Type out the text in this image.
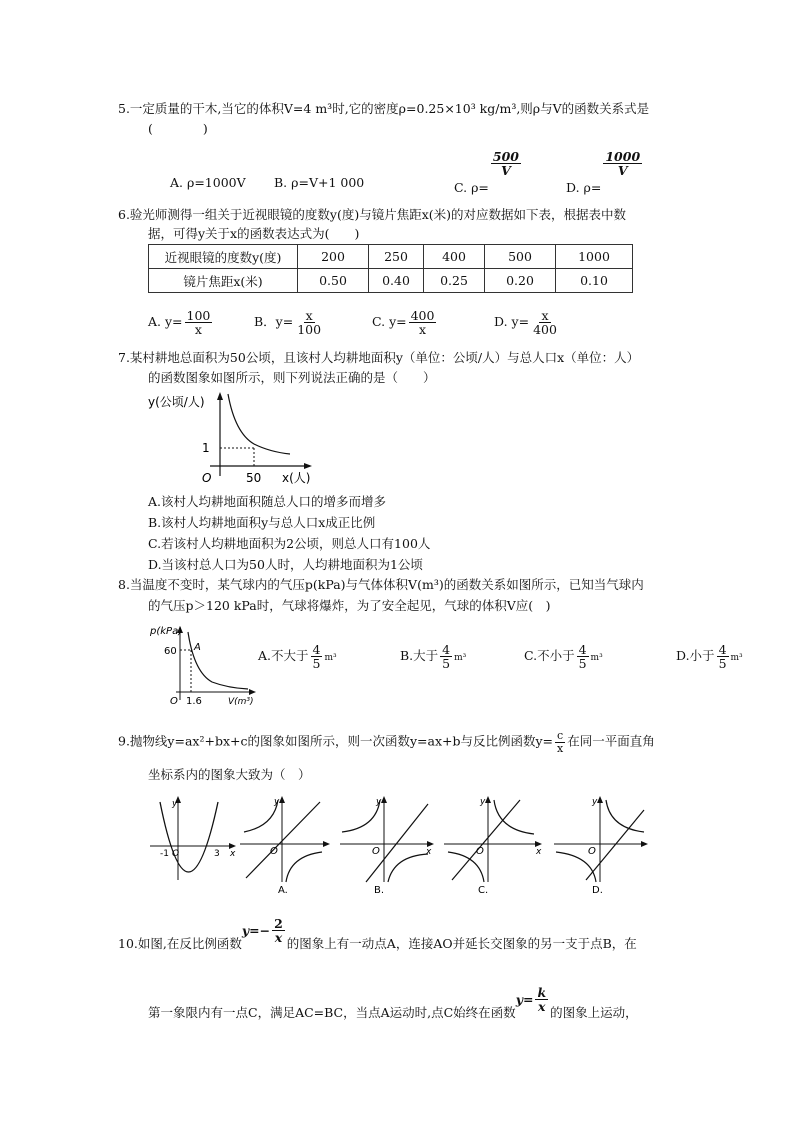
5.一定质量的干木,当它的体积V=4 m³时,它的密度ρ=0.25×10³ kg/m³,则ρ与V的函数关系式是
(　　　　)
A. ρ=1000V B. ρ=V+1 000	C. ρ=
$\frac{500}{V}$
D. ρ=
$\frac{1000}{V}$
6.验光师测得一组关于近视眼镜的度数y(度)与镜片焦距x(米)的对应数据如下表，根据表中数
据，可得y关于x的函数表达式为(　　)
近视眼镜的度数y(度)	200	250	400	500	1000
镜片焦距x(米)	0.50	0.40	0.25	0.20	0.10
A. $y= \frac{100}{x}$	B．$y= \frac{x}{100}$	C. $y= \frac{400}{x}$	D. $y= \frac{x}{400}$
7.某村耕地总面积为50公顷，且该村人均耕地面积y（单位：公顷/人）与总人口x（单位：人）
的函数图象如图所示，则下列说法正确的是（　　）
y(公顷/人)
1
O	50 x(人)
A.该村人均耕地面积随总人口的增多而增多
B.该村人均耕地面积y与总人口x成正比例
C.若该村人均耕地面积为2公顷，则总人口有100人
D.当该村总人口为50人时，人均耕地面积为1公顷
8.当温度不变时，某气球内的气压p(kPa)与气体体积V(m³)的函数关系如图所示，已知当气球内
的气压p＞120 kPa时，气球将爆炸，为了安全起见，气球的体积V应(　)
p(kPa)
60 A
O 1.6	V(m³)
A.不大于 $\frac{4}{5} m^3$	B.大于 $\frac{4}{5} m^3$	C.不小于 $\frac{4}{5} m^3$	D.小于 $\frac{4}{5} m^3$
9.抛物线y=ax²+bx+c的图象如图所示，则一次函数y=ax+b与反比例函数$y= \frac{c}{x}$ 在同一平面直角
坐标系内的图象大致为（　）
y
x
-1 O	3
y
O
A.
y
x
O
B.
y
x
O
C.
y
O
D.
10.如图,在反比例函数
y = − $\frac{2}{x}$ 的图象上有一动点A，连接AO并延长交图象的另一支于点B，在
第一象限内有一点C，满足AC=BC，当点A运动时,点C始终在函数
$y = \frac{k}{x}$ 的图象上运动，
